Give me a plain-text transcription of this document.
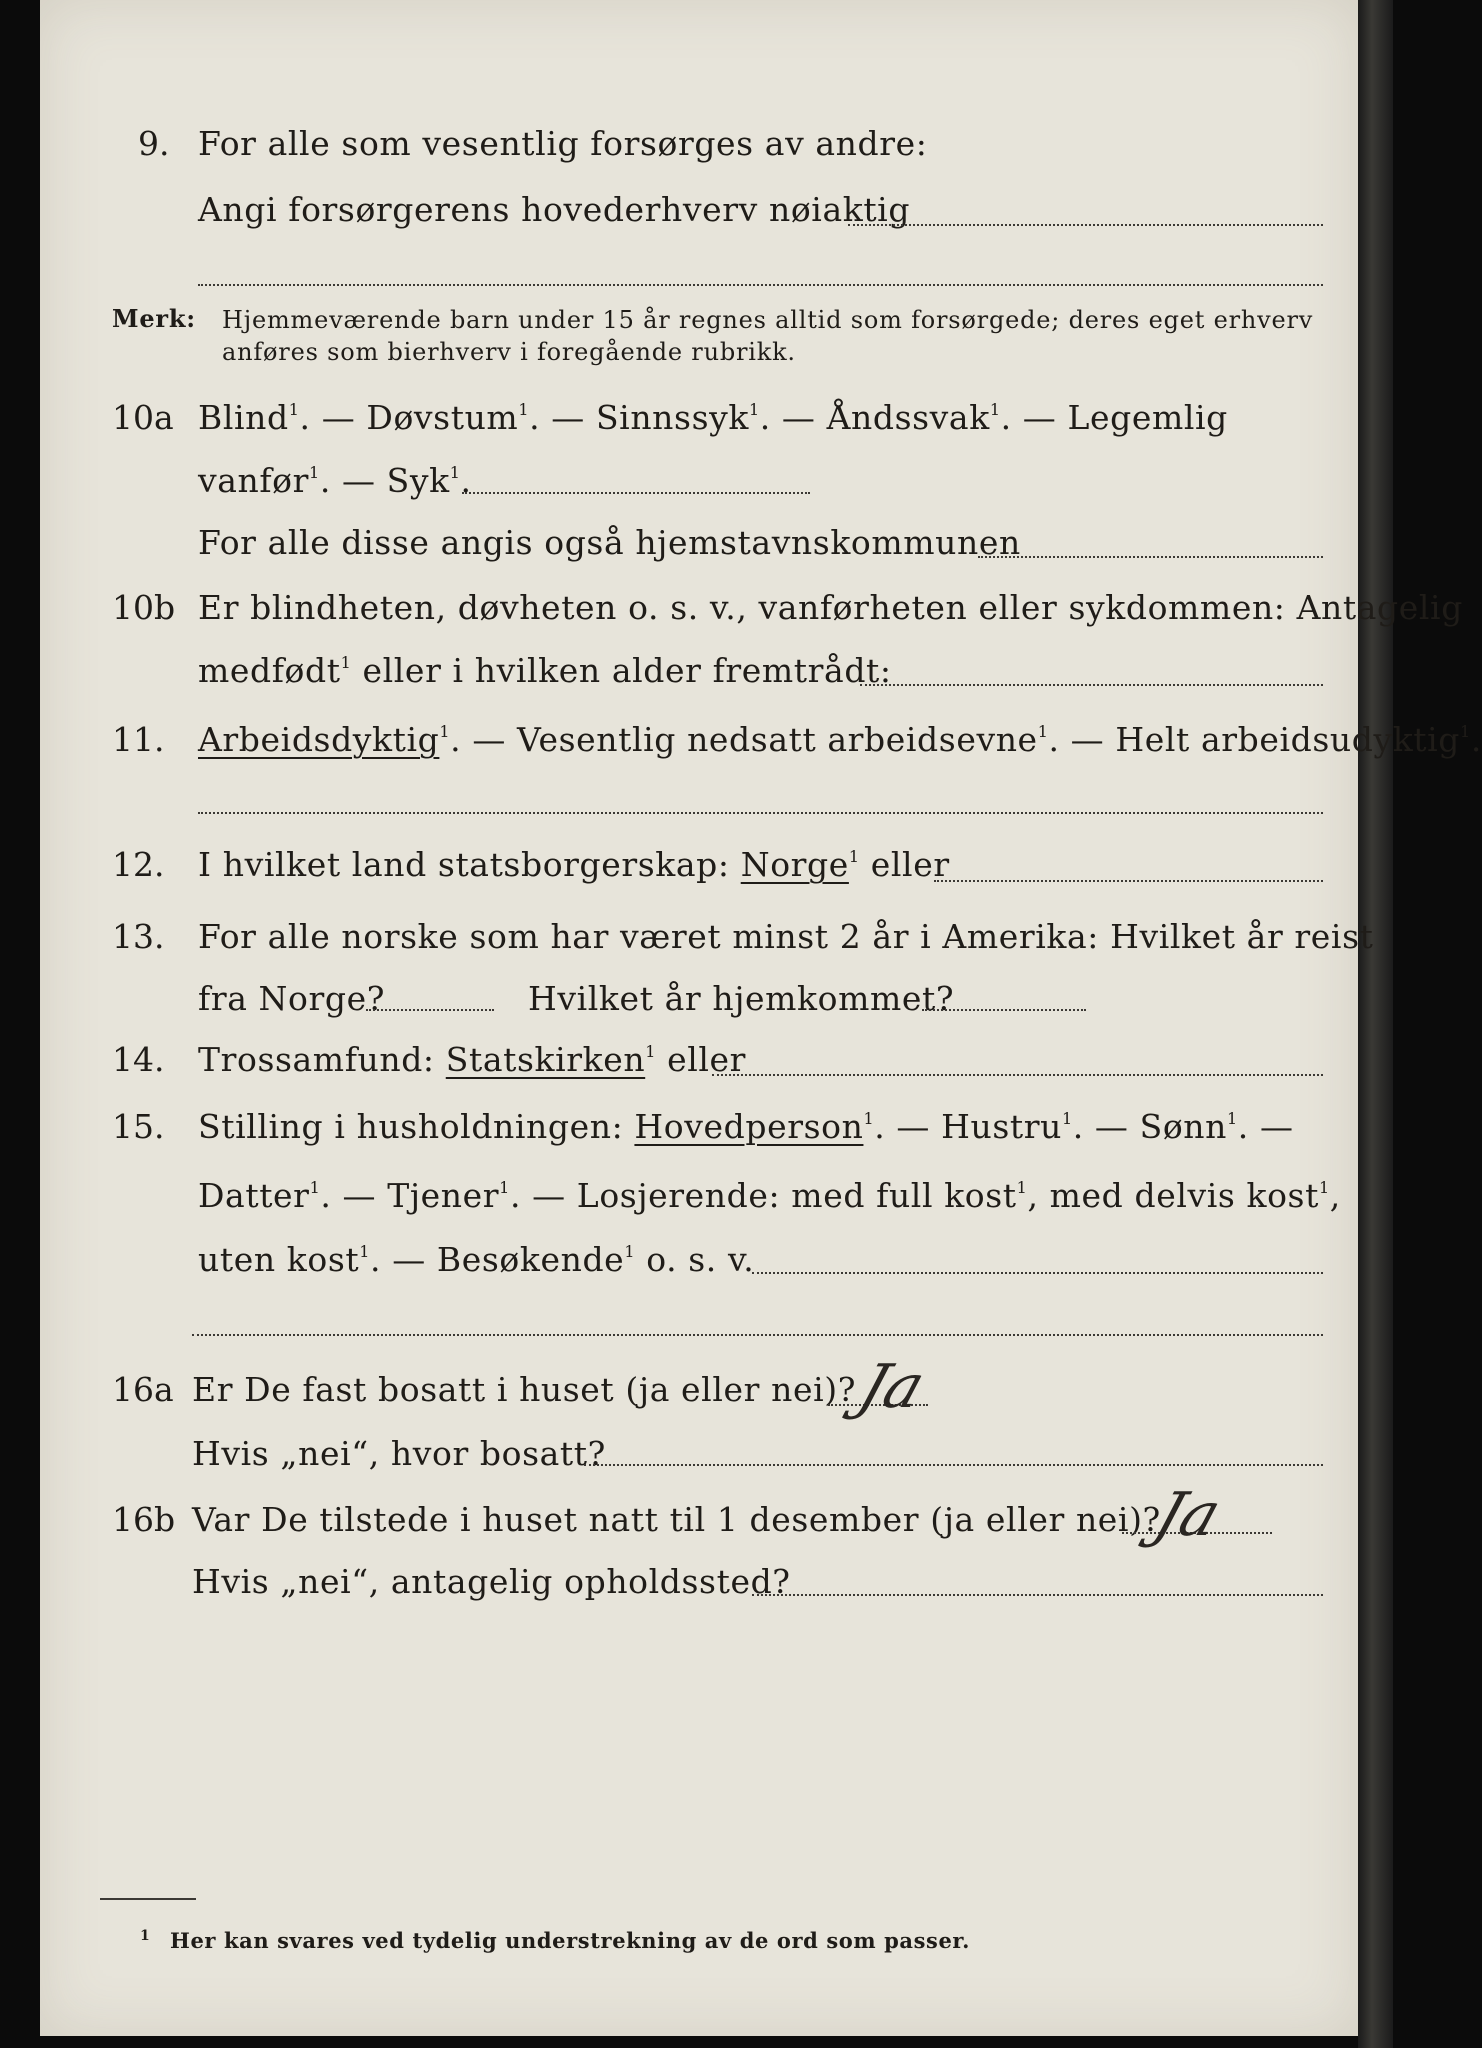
9. For alle som vesentlig forsørges av andre:
Angi forsørgerens hovederhverv nøiaktig
Merk: Hjemmeværende barn under 15 år regnes alltid som forsørgede; deres eget erhverv
anføres som bierhverv i foregående rubrikk.
10a Blind$^1$. — Døvstum$^1$. — Sinnssyk$^1$. — Åndssvak$^1$. — Legemlig
vanfør$^1$. — Syk$^1$.
For alle disse angis også hjemstavnskommunen
10b Er blindheten, døvheten o. s. v., vanførheten eller sykdommen: Antagelig
medfødt$^1$ eller i hvilken alder fremtrådt:
11. Arbeidsdyktig$^1$. — Vesentlig nedsatt arbeidsevne$^1$. — Helt arbeidsudyktig$^1$.
12. I hvilket land statsborgerskap: Norge$^1$ eller
13. For alle norske som har været minst 2 år i Amerika: Hvilket år reist
fra Norge?	Hvilket år hjemkommet?
14. Trossamfund: Statskirken$^1$ eller
15. Stilling i husholdningen: Hovedperson$^1$. — Hustru$^1$. — Sønn$^1$. —
Datter$^1$. — Tjener$^1$. — Losjerende: med full kost$^1$, med delvis kost$^1$,
uten kost$^1$. — Besøkende$^1$ o. s. v.
16a Er De fast bosatt i huset (ja eller nei)?
Ja
Hvis „nei“, hvor bosatt?
16b Var De tilstede i huset natt til 1 desember (ja eller nei)?
Ja
Hvis „nei“, antagelig opholdssted?
1 Her kan svares ved tydelig understrekning av de ord som passer.
